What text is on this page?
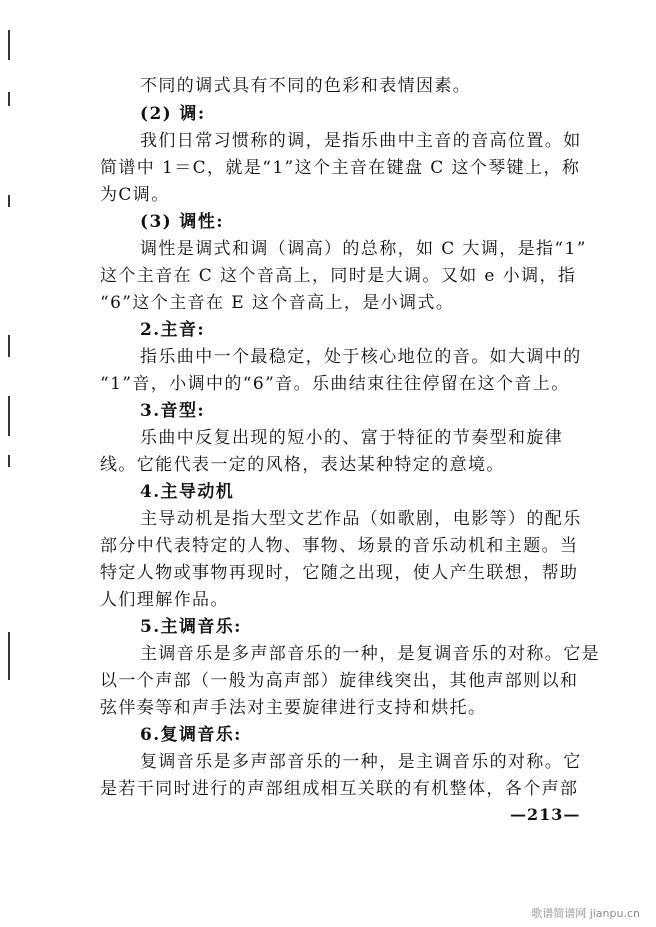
不同的调式具有不同的色彩和表情因素。
(2) 调:
我们日常习惯称的调，是指乐曲中主音的音高位置。如
简谱中 1＝C，就是“1”这个主音在键盘 C 这个琴键上，称
为C调。
(3) 调性:
调性是调式和调（调高）的总称，如 C 大调，是指“1”
这个主音在 C 这个音高上，同时是大调。又如 e 小调，指
“6”这个主音在 E 这个音高上，是小调式。
2.主音:
指乐曲中一个最稳定，处于核心地位的音。如大调中的
“1”音，小调中的“6”音。乐曲结束往往停留在这个音上。
3.音型:
乐曲中反复出现的短小的、富于特征的节奏型和旋律
线。它能代表一定的风格，表达某种特定的意境。
4.主导动机
主导动机是指大型文艺作品（如歌剧，电影等）的配乐
部分中代表特定的人物、事物、场景的音乐动机和主题。当
特定人物或事物再现时，它随之出现，使人产生联想，帮助
人们理解作品。
5.主调音乐:
主调音乐是多声部音乐的一种，是复调音乐的对称。它是
以一个声部（一般为高声部）旋律线突出，其他声部则以和
弦伴奏等和声手法对主要旋律进行支持和烘托。
6.复调音乐:
复调音乐是多声部音乐的一种，是主调音乐的对称。它
是若干同时进行的声部组成相互关联的有机整体，各个声部
—213—
歌谱简谱网 jianpu.cn
